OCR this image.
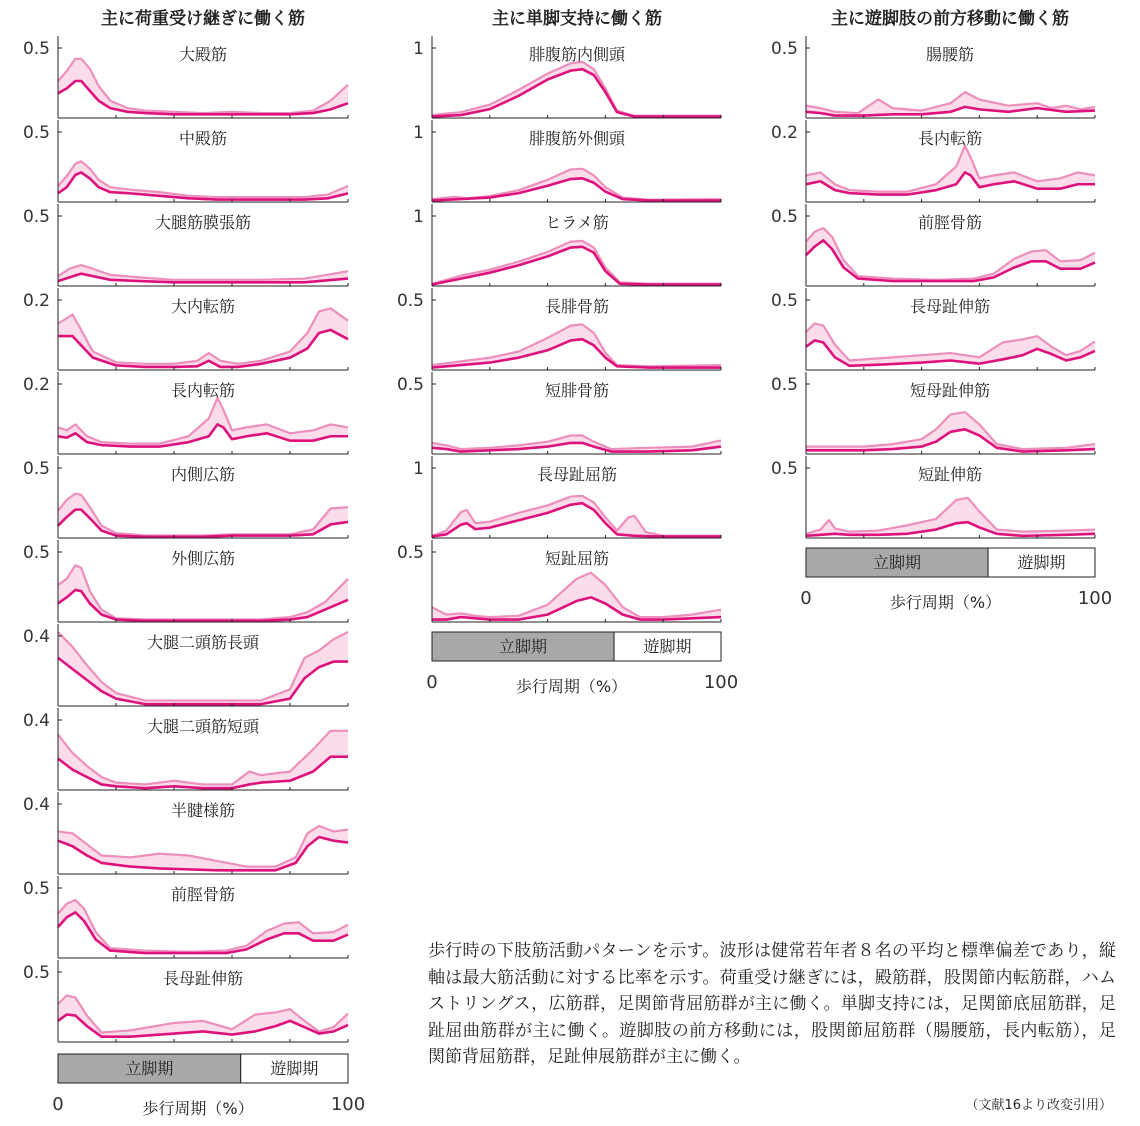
主に荷重受け継ぎに働く筋
0.5	大殿筋
0.5	中殿筋
0.5	大腿筋膜張筋
0.2	大内転筋
0.2	長内転筋
0.5	内側広筋
0.5	外側広筋
0.4	大腿二頭筋長頭
0.4	大腿二頭筋短頭
0.4	半腱様筋
0.5	前脛骨筋
0.5	長母趾伸筋
立脚期	遊脚期
0	100
歩行周期（%）
主に単脚支持に働く筋
1	腓腹筋内側頭
1	腓腹筋外側頭
1	ヒラメ筋
0.5	長腓骨筋
0.5	短腓骨筋
1	長母趾屈筋
0.5	短趾屈筋
立脚期	遊脚期
0	100
歩行周期（%）
主に遊脚肢の前方移動に働く筋
0.5	腸腰筋
0.2	長内転筋
0.5	前脛骨筋
0.5	長母趾伸筋
0.5	短母趾伸筋
0.5	短趾伸筋
立脚期	遊脚期
0	100
歩行周期（%）
歩行時の下肢筋活動パターンを示す。波形は健常若年者８名の平均と標準偏差であり，縦軸は最大筋活動に対する比率を示す。荷重受け継ぎには，殿筋群，股関節内転筋群，ハムストリングス，広筋群，足関節背屈筋群が主に働く。単脚支持には，足関節底屈筋群，足趾屈曲筋群が主に働く。遊脚肢の前方移動には，股関節屈筋群（腸腰筋，長内転筋），足関節背屈筋群，足趾伸展筋群が主に働く。
（文献16より改変引用）
